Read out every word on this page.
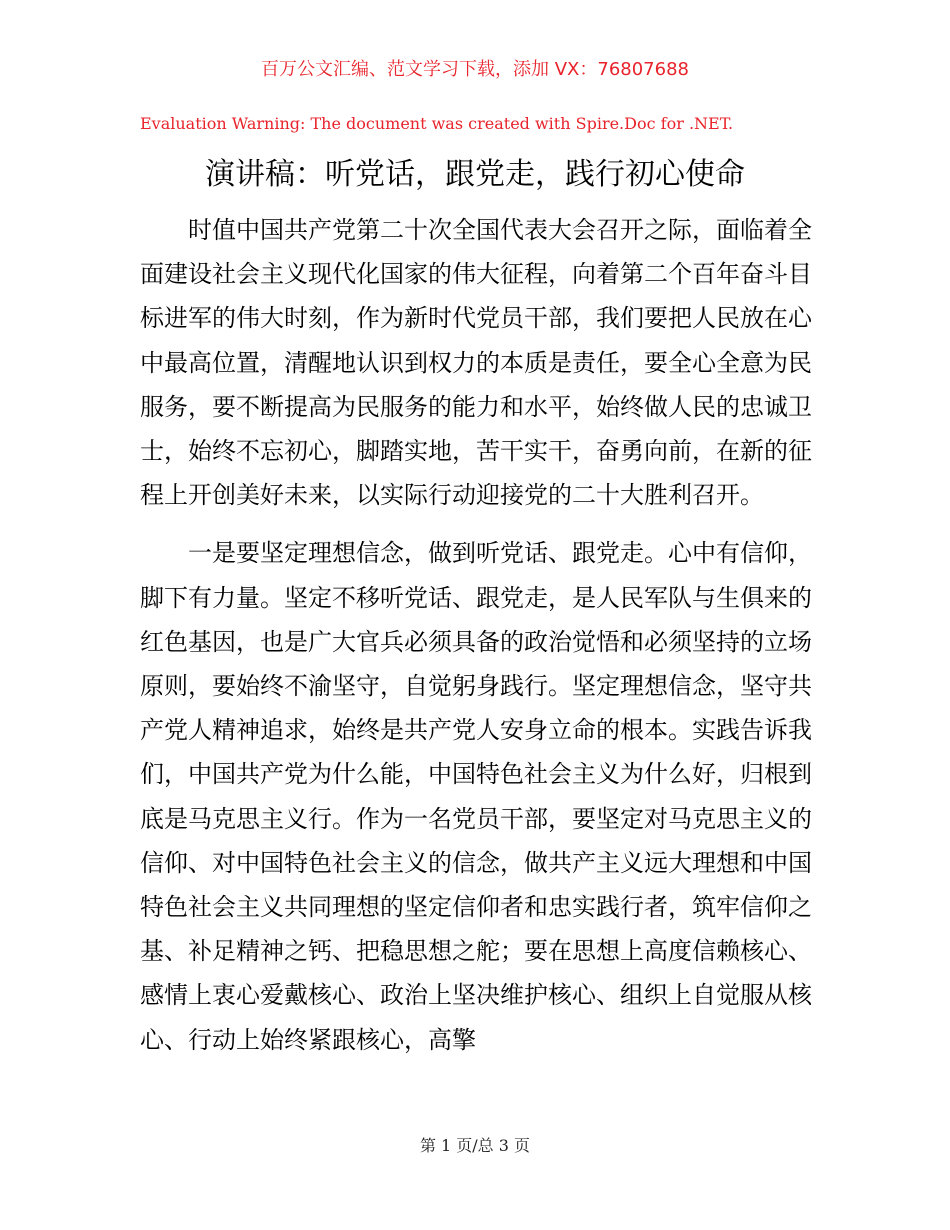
百万公文汇编、范文学习下载，添加 VX：76807688
Evaluation Warning: The document was created with Spire.Doc for .NET.
演讲稿：听党话，跟党走，践行初心使命

时值中国共产党第二十次全国代表大会召开之际，面临着全面建设社会主义现代化国家的伟大征程，向着第二个百年奋斗目标进军的伟大时刻，作为新时代党员干部，我们要把人民放在心中最高位置，清醒地认识到权力的本质是责任，要全心全意为民服务，要不断提高为民服务的能力和水平，始终做人民的忠诚卫士，始终不忘初心，脚踏实地，苦干实干，奋勇向前，在新的征程上开创美好未来，以实际行动迎接党的二十大胜利召开。

一是要坚定理想信念，做到听党话、跟党走。心中有信仰，脚下有力量。坚定不移听党话、跟党走，是人民军队与生俱来的红色基因，也是广大官兵必须具备的政治觉悟和必须坚持的立场原则，要始终不渝坚守，自觉躬身践行。坚定理想信念，坚守共产党人精神追求，始终是共产党人安身立命的根本。实践告诉我们，中国共产党为什么能，中国特色社会主义为什么好，归根到底是马克思主义行。作为一名党员干部，要坚定对马克思主义的信仰、对中国特色社会主义的信念，做共产主义远大理想和中国特色社会主义共同理想的坚定信仰者和忠实践行者，筑牢信仰之基、补足精神之钙、把稳思想之舵；要在思想上高度信赖核心、感情上衷心爱戴核心、政治上坚决维护核心、组织上自觉服从核心、行动上始终紧跟核心，高擎

第 1 页/总 3 页
